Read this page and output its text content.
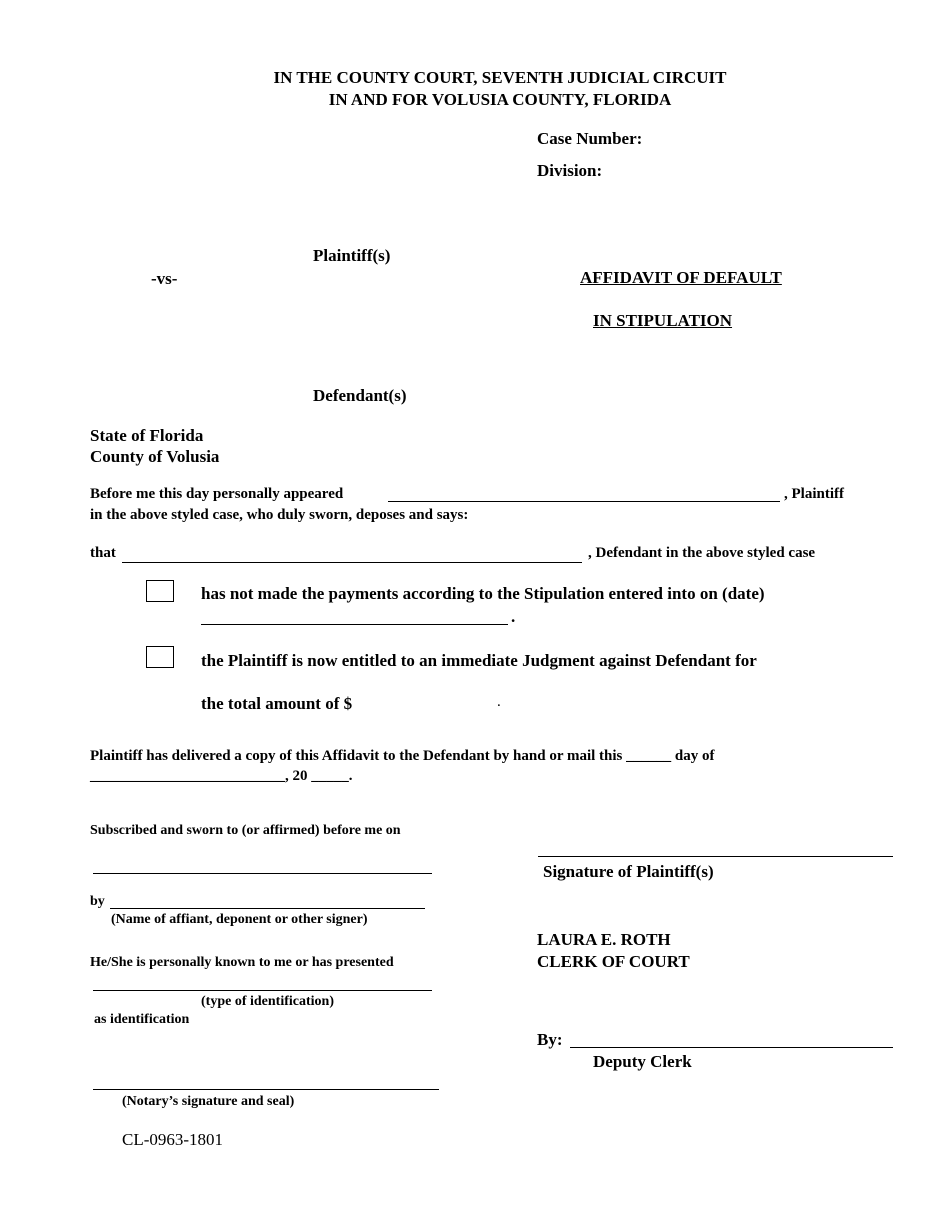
IN THE COUNTY COURT, SEVENTH JUDICIAL CIRCUIT
IN AND FOR VOLUSIA COUNTY, FLORIDA
Case Number:
Division:
Plaintiff(s)
-vs-	AFFIDAVIT OF DEFAULT
IN STIPULATION
Defendant(s)
State of Florida
County of Volusia
Before me this day personally appeared	, Plaintiff
in the above styled case, who duly sworn, deposes and says:
that	, Defendant in the above styled case
has not made the payments according to the Stipulation entered into on (date)
.
the Plaintiff is now entitled to an immediate Judgment against Defendant for
the total amount of $	.
Plaintiff has delivered a copy of this Affidavit to the Defendant by hand or mail this ______ day of
__________________________, 20 _____.
Subscribed and sworn to (or affirmed) before me on
by
(Name of affiant, deponent or other signer)
He/She is personally known to me or has presented
(type of identification)
as identification
(Notary’s signature and seal)
Signature of Plaintiff(s)
LAURA E. ROTH
CLERK OF COURT
By:
Deputy Clerk
CL-0963-1801
